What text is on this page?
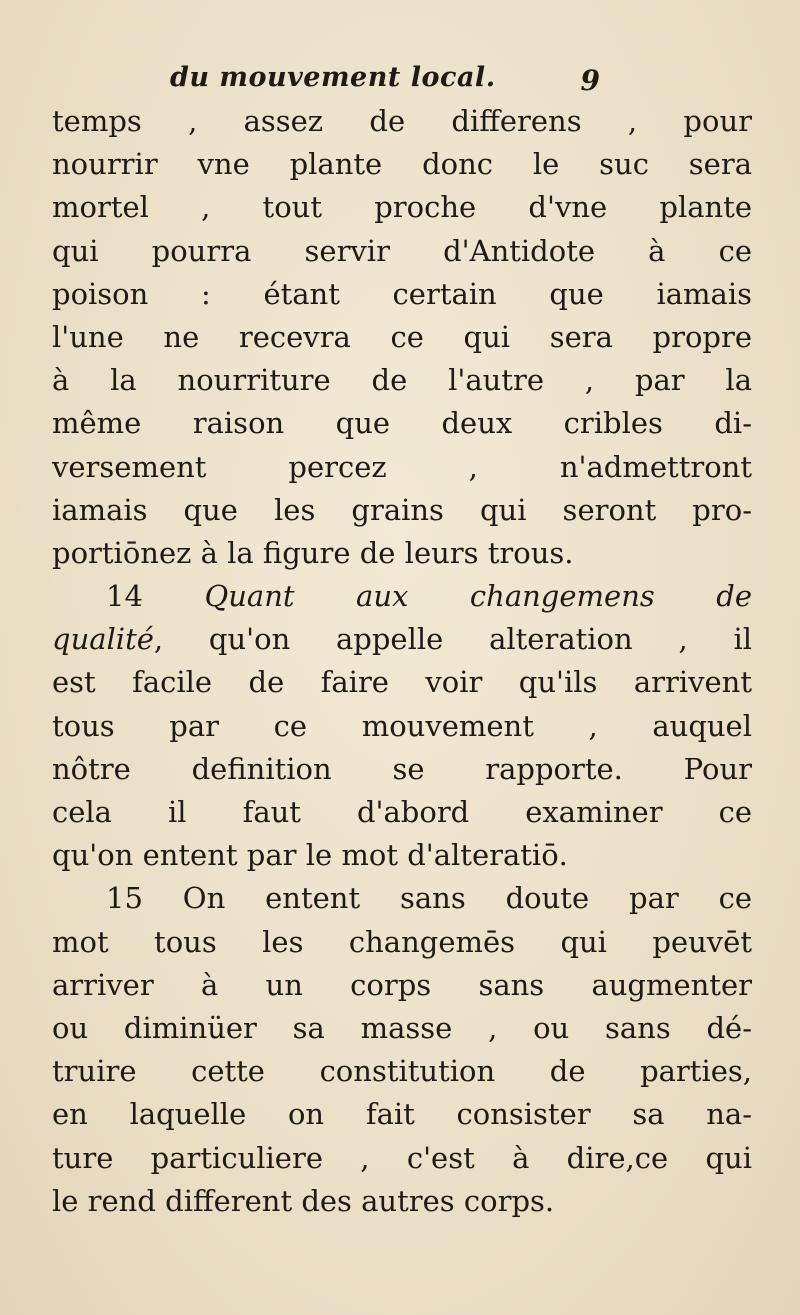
du mouvement local.	9
temps , assez de differens , pour
nourrir vne plante donc le suc sera
mortel , tout proche d'vne plante
qui pourra servir d'Antidote à ce
poison : étant certain que iamais
l'une ne recevra ce qui sera propre
à la nourriture de l'autre , par la
même raison que deux cribles di-
versement percez , n'admettront
iamais que les grains qui seront pro-
portiōnez à la figure de leurs trous.
14 Quant aux changemens de
qualité, qu'on appelle alteration , il
est facile de faire voir qu'ils arrivent
tous par ce mouvement , auquel
nôtre definition se rapporte. Pour
cela il faut d'abord examiner ce
qu'on entent par le mot d'alteratiō.
15 On entent sans doute par ce
mot tous les changemēs qui peuvēt
arriver à un corps sans augmenter
ou diminüer sa masse , ou sans dé-
truire cette constitution de parties,
en laquelle on fait consister sa na-
ture particuliere , c'est à dire,ce qui
le rend different des autres corps.
